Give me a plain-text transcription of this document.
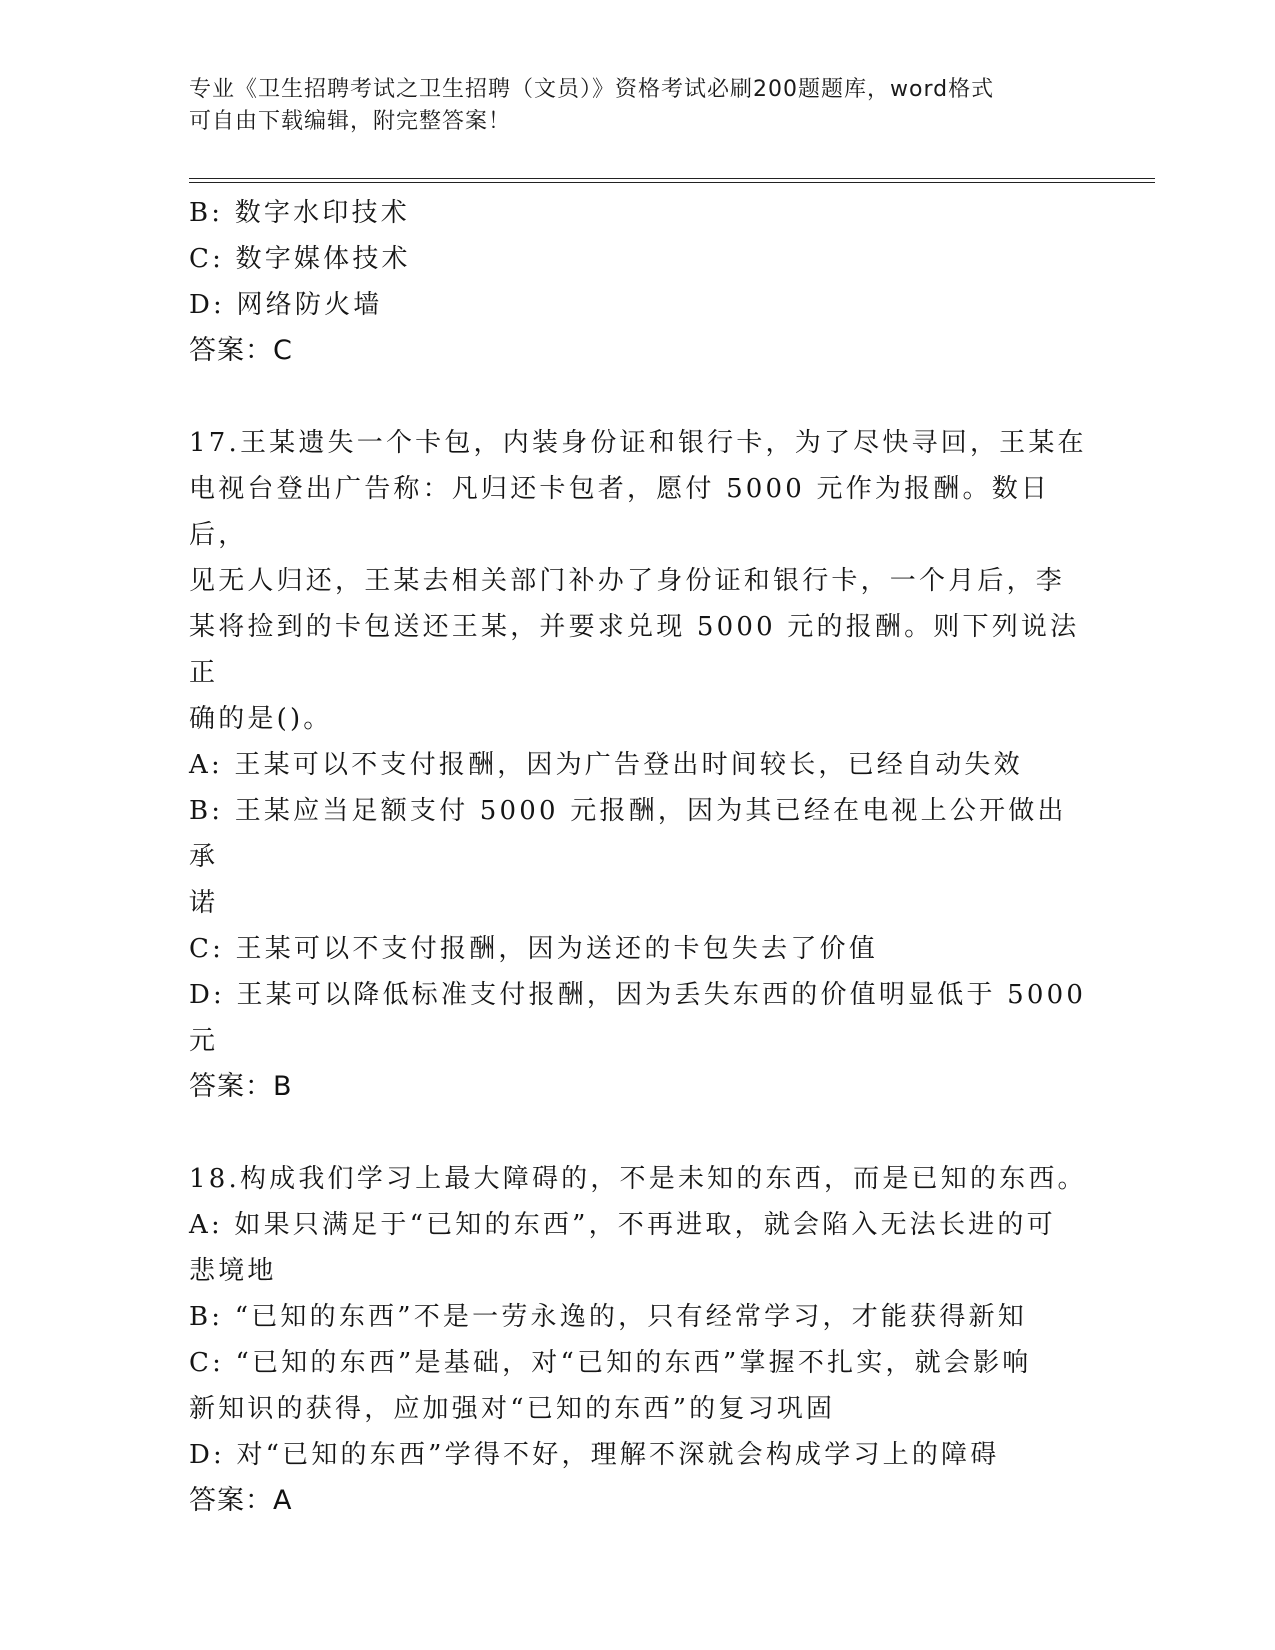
专业《卫生招聘考试之卫生招聘（文员）》资格考试必刷200题题库，word格式
可自由下载编辑，附完整答案！
B: 数字水印技术
C: 数字媒体技术
D: 网络防火墙
答案：C
17.王某遗失一个卡包，内装身份证和银行卡，为了尽快寻回，王某在
电视台登出广告称：凡归还卡包者，愿付 5000 元作为报酬。数日后，
见无人归还，王某去相关部门补办了身份证和银行卡，一个月后，李
某将捡到的卡包送还王某，并要求兑现 5000 元的报酬。则下列说法正
确的是()。
A: 王某可以不支付报酬，因为广告登出时间较长，已经自动失效
B: 王某应当足额支付 5000 元报酬，因为其已经在电视上公开做出承
诺
C: 王某可以不支付报酬，因为送还的卡包失去了价值
D: 王某可以降低标准支付报酬，因为丢失东西的价值明显低于 5000
元
答案：B
18.构成我们学习上最大障碍的，不是未知的东西，而是已知的东西。
A: 如果只满足于“已知的东西”，不再进取，就会陷入无法长进的可
悲境地
B: “已知的东西”不是一劳永逸的，只有经常学习，才能获得新知
C: “已知的东西”是基础，对“已知的东西”掌握不扎实，就会影响
新知识的获得，应加强对“已知的东西”的复习巩固
D: 对“已知的东西”学得不好，理解不深就会构成学习上的障碍
答案：A
